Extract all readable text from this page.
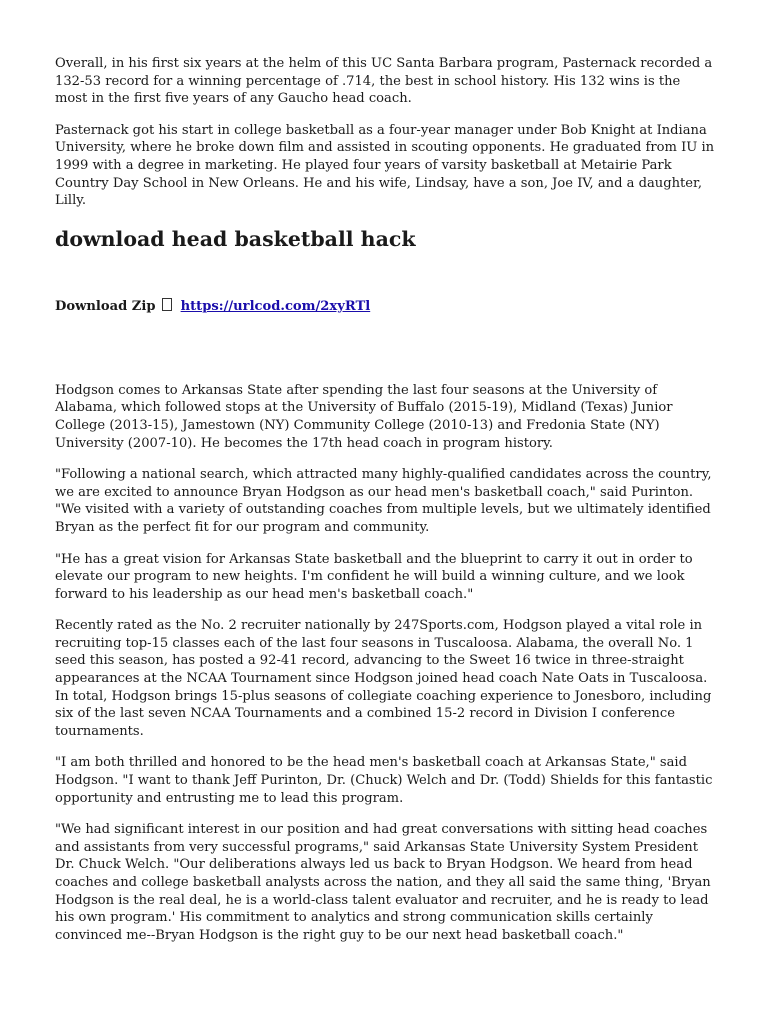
Overall, in his first six years at the helm of this UC Santa Barbara program, Pasternack recorded a 132-53 record for a winning percentage of .714, the best in school history. His 132 wins is the most in the first five years of any Gaucho head coach.

Pasternack got his start in college basketball as a four-year manager under Bob Knight at Indiana University, where he broke down film and assisted in scouting opponents. He graduated from IU in 1999 with a degree in marketing. He played four years of varsity basketball at Metairie Park Country Day School in New Orleans. He and his wife, Lindsay, have a son, Joe IV, and a daughter, Lilly.

download head basketball hack
Download Zip https://urlcod.com/2xyRTl

Hodgson comes to Arkansas State after spending the last four seasons at the University of Alabama, which followed stops at the University of Buffalo (2015-19), Midland (Texas) Junior College (2013-15), Jamestown (NY) Community College (2010-13) and Fredonia State (NY) University (2007-10). He becomes the 17th head coach in program history.

"Following a national search, which attracted many highly-qualified candidates across the country, we are excited to announce Bryan Hodgson as our head men's basketball coach," said Purinton. "We visited with a variety of outstanding coaches from multiple levels, but we ultimately identified Bryan as the perfect fit for our program and community.

"He has a great vision for Arkansas State basketball and the blueprint to carry it out in order to elevate our program to new heights. I'm confident he will build a winning culture, and we look forward to his leadership as our head men's basketball coach."

Recently rated as the No. 2 recruiter nationally by 247Sports.com, Hodgson played a vital role in recruiting top-15 classes each of the last four seasons in Tuscaloosa. Alabama, the overall No. 1 seed this season, has posted a 92-41 record, advancing to the Sweet 16 twice in three-straight appearances at the NCAA Tournament since Hodgson joined head coach Nate Oats in Tuscaloosa. In total, Hodgson brings 15-plus seasons of collegiate coaching experience to Jonesboro, including six of the last seven NCAA Tournaments and a combined 15-2 record in Division I conference tournaments.

"I am both thrilled and honored to be the head men's basketball coach at Arkansas State," said Hodgson. "I want to thank Jeff Purinton, Dr. (Chuck) Welch and Dr. (Todd) Shields for this fantastic opportunity and entrusting me to lead this program.

"We had significant interest in our position and had great conversations with sitting head coaches and assistants from very successful programs," said Arkansas State University System President Dr. Chuck Welch. "Our deliberations always led us back to Bryan Hodgson. We heard from head coaches and college basketball analysts across the nation, and they all said the same thing, 'Bryan Hodgson is the real deal, he is a world-class talent evaluator and recruiter, and he is ready to lead his own program.' His commitment to analytics and strong communication skills certainly convinced me--Bryan Hodgson is the right guy to be our next head basketball coach."
